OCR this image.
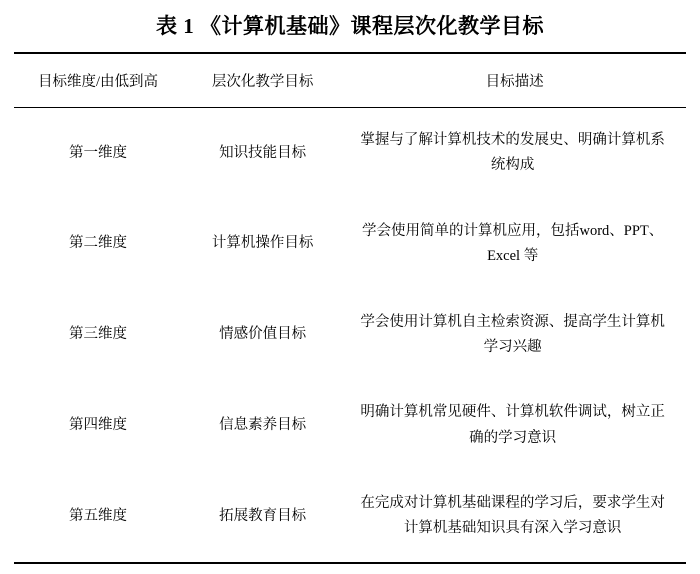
表 1 《计算机基础》课程层次化教学目标
目标维度/由低到高	层次化教学目标	目标描述
第一维度	知识技能目标	掌握与了解计算机技术的发展史、明确计算机系统构成
第二维度	计算机操作目标	学会使用简单的计算机应用，包括word、PPT、Excel 等
第三维度	情感价值目标	学会使用计算机自主检索资源、提高学生计算机学习兴趣
第四维度	信息素养目标	明确计算机常见硬件、计算机软件调试，树立正确的学习意识
第五维度	拓展教育目标	在完成对计算机基础课程的学习后，要求学生对计算机基础知识具有深入学习意识
